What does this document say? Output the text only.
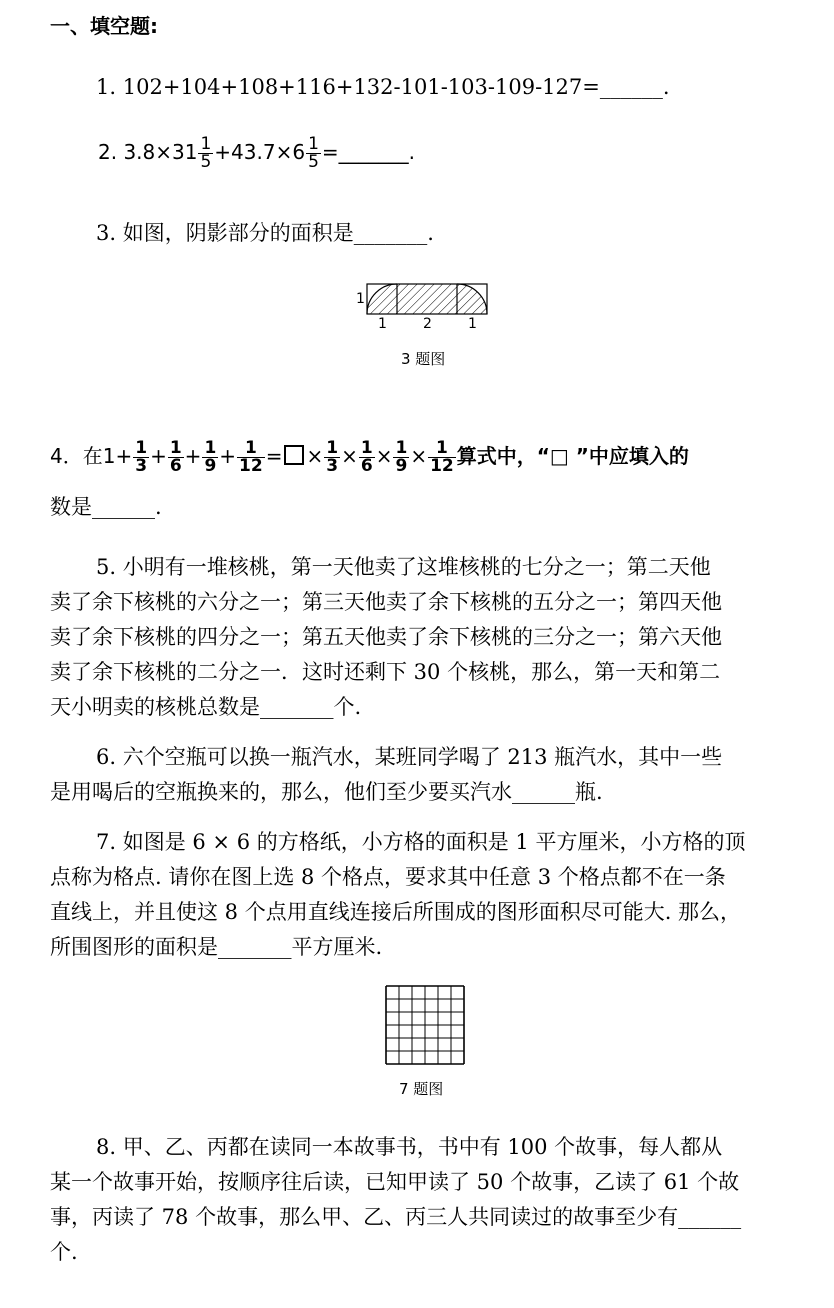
一、填空题:
1. 102+104+108+116+132-101-103-109-127=______.
2. $3.8\times 31 \frac{1}{5} +43.7\times 6 \frac{1}{5}$ =_______.
3. 如图，阴影部分的面积是_______.
1
1	2	1
3 题图
4．在$1+ \frac{1}{3} + \frac{1}{6} + \frac{1}{9} + \frac{1}{12}$ = × $\frac{1}{3} \times \frac{1}{6} \times \frac{1}{9} \times \frac{1}{12}$ 算式中，“□ ”中应填入的
数是______.
5. 小明有一堆核桃，第一天他卖了这堆核桃的七分之一；第二天他
卖了余下核桃的六分之一；第三天他卖了余下核桃的五分之一；第四天他
卖了余下核桃的四分之一；第五天他卖了余下核桃的三分之一；第六天他
卖了余下核桃的二分之一．这时还剩下 30 个核桃，那么，第一天和第二
天小明卖的核桃总数是_______个.
6. 六个空瓶可以换一瓶汽水，某班同学喝了 213 瓶汽水，其中一些
是用喝后的空瓶换来的，那么，他们至少要买汽水______瓶.
7. 如图是 6 × 6 的方格纸，小方格的面积是 1 平方厘米，小方格的顶
点称为格点. 请你在图上选 8 个格点，要求其中任意 3 个格点都不在一条
直线上，并且使这 8 个点用直线连接后所围成的图形面积尽可能大. 那么，
所围图形的面积是_______平方厘米.
7 题图
8. 甲、乙、丙都在读同一本故事书，书中有 100 个故事，每人都从
某一个故事开始，按顺序往后读，已知甲读了 50 个故事，乙读了 61 个故
事，丙读了 78 个故事，那么甲、乙、丙三人共同读过的故事至少有______
个.
